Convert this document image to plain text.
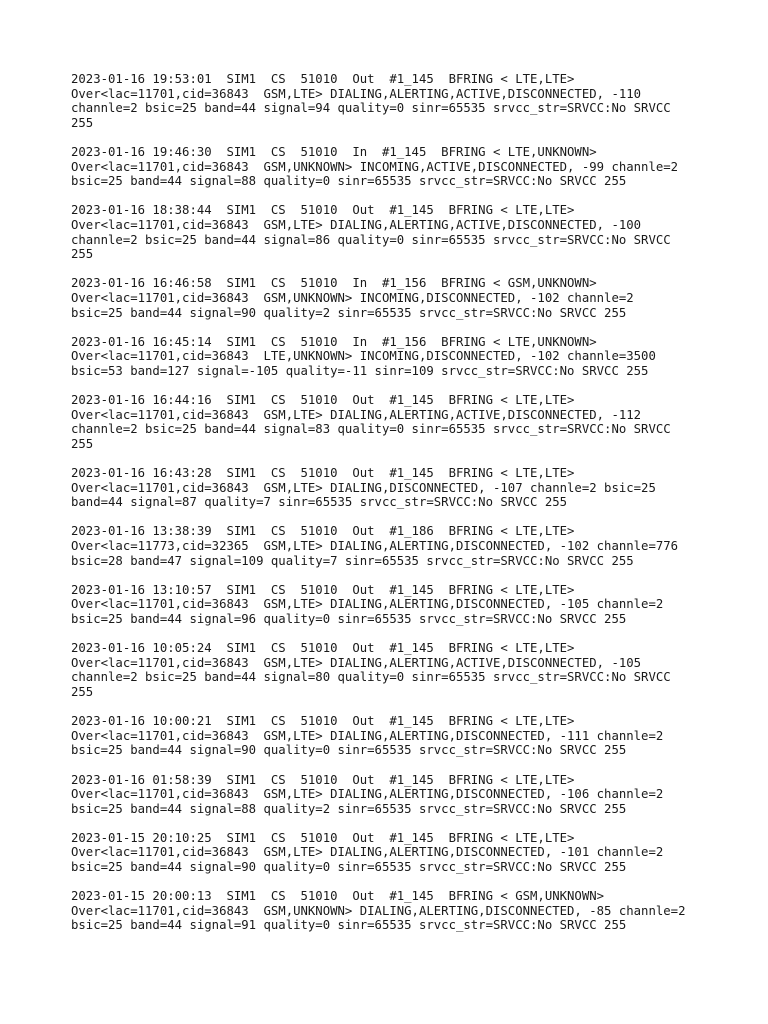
2023-01-16 19:53:01  SIM1  CS  51010  Out  #1_145  BFRING < LTE,LTE>
Over<lac=11701,cid=36843  GSM,LTE> DIALING,ALERTING,ACTIVE,DISCONNECTED, -110
channle=2 bsic=25 band=44 signal=94 quality=0 sinr=65535 srvcc_str=SRVCC:No SRVCC
255
2023-01-16 19:46:30  SIM1  CS  51010  In  #1_145  BFRING < LTE,UNKNOWN>
Over<lac=11701,cid=36843  GSM,UNKNOWN> INCOMING,ACTIVE,DISCONNECTED, -99 channle=2
bsic=25 band=44 signal=88 quality=0 sinr=65535 srvcc_str=SRVCC:No SRVCC 255
2023-01-16 18:38:44  SIM1  CS  51010  Out  #1_145  BFRING < LTE,LTE>
Over<lac=11701,cid=36843  GSM,LTE> DIALING,ALERTING,ACTIVE,DISCONNECTED, -100
channle=2 bsic=25 band=44 signal=86 quality=0 sinr=65535 srvcc_str=SRVCC:No SRVCC
255
2023-01-16 16:46:58  SIM1  CS  51010  In  #1_156  BFRING < GSM,UNKNOWN>
Over<lac=11701,cid=36843  GSM,UNKNOWN> INCOMING,DISCONNECTED, -102 channle=2
bsic=25 band=44 signal=90 quality=2 sinr=65535 srvcc_str=SRVCC:No SRVCC 255
2023-01-16 16:45:14  SIM1  CS  51010  In  #1_156  BFRING < LTE,UNKNOWN>
Over<lac=11701,cid=36843  LTE,UNKNOWN> INCOMING,DISCONNECTED, -102 channle=3500
bsic=53 band=127 signal=-105 quality=-11 sinr=109 srvcc_str=SRVCC:No SRVCC 255
2023-01-16 16:44:16  SIM1  CS  51010  Out  #1_145  BFRING < LTE,LTE>
Over<lac=11701,cid=36843  GSM,LTE> DIALING,ALERTING,ACTIVE,DISCONNECTED, -112
channle=2 bsic=25 band=44 signal=83 quality=0 sinr=65535 srvcc_str=SRVCC:No SRVCC
255
2023-01-16 16:43:28  SIM1  CS  51010  Out  #1_145  BFRING < LTE,LTE>
Over<lac=11701,cid=36843  GSM,LTE> DIALING,DISCONNECTED, -107 channle=2 bsic=25
band=44 signal=87 quality=7 sinr=65535 srvcc_str=SRVCC:No SRVCC 255
2023-01-16 13:38:39  SIM1  CS  51010  Out  #1_186  BFRING < LTE,LTE>
Over<lac=11773,cid=32365  GSM,LTE> DIALING,ALERTING,DISCONNECTED, -102 channle=776
bsic=28 band=47 signal=109 quality=7 sinr=65535 srvcc_str=SRVCC:No SRVCC 255
2023-01-16 13:10:57  SIM1  CS  51010  Out  #1_145  BFRING < LTE,LTE>
Over<lac=11701,cid=36843  GSM,LTE> DIALING,ALERTING,DISCONNECTED, -105 channle=2
bsic=25 band=44 signal=96 quality=0 sinr=65535 srvcc_str=SRVCC:No SRVCC 255
2023-01-16 10:05:24  SIM1  CS  51010  Out  #1_145  BFRING < LTE,LTE>
Over<lac=11701,cid=36843  GSM,LTE> DIALING,ALERTING,ACTIVE,DISCONNECTED, -105
channle=2 bsic=25 band=44 signal=80 quality=0 sinr=65535 srvcc_str=SRVCC:No SRVCC
255
2023-01-16 10:00:21  SIM1  CS  51010  Out  #1_145  BFRING < LTE,LTE>
Over<lac=11701,cid=36843  GSM,LTE> DIALING,ALERTING,DISCONNECTED, -111 channle=2
bsic=25 band=44 signal=90 quality=0 sinr=65535 srvcc_str=SRVCC:No SRVCC 255
2023-01-16 01:58:39  SIM1  CS  51010  Out  #1_145  BFRING < LTE,LTE>
Over<lac=11701,cid=36843  GSM,LTE> DIALING,ALERTING,DISCONNECTED, -106 channle=2
bsic=25 band=44 signal=88 quality=2 sinr=65535 srvcc_str=SRVCC:No SRVCC 255
2023-01-15 20:10:25  SIM1  CS  51010  Out  #1_145  BFRING < LTE,LTE>
Over<lac=11701,cid=36843  GSM,LTE> DIALING,ALERTING,DISCONNECTED, -101 channle=2
bsic=25 band=44 signal=90 quality=0 sinr=65535 srvcc_str=SRVCC:No SRVCC 255
2023-01-15 20:00:13  SIM1  CS  51010  Out  #1_145  BFRING < GSM,UNKNOWN>
Over<lac=11701,cid=36843  GSM,UNKNOWN> DIALING,ALERTING,DISCONNECTED, -85 channle=2
bsic=25 band=44 signal=91 quality=0 sinr=65535 srvcc_str=SRVCC:No SRVCC 255
